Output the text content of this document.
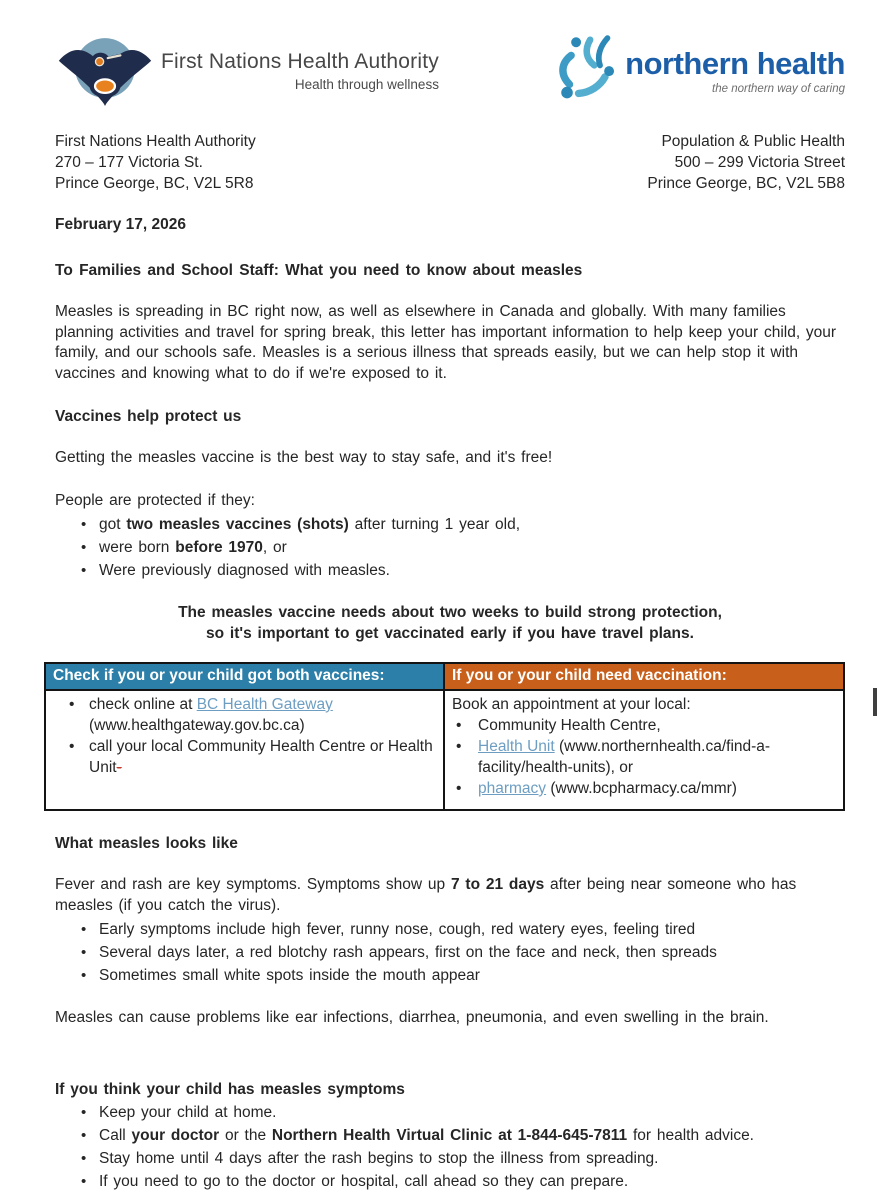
First Nations Health Authority
Health through wellness
northern health
the northern way of caring
First Nations Health Authority
270 – 177 Victoria St.
Prince George, BC, V2L 5R8
Population & Public Health
500 – 299 Victoria Street
Prince George, BC, V2L 5B8
February 17, 2026
To Families and School Staff: What you need to know about measles

Measles is spreading in BC right now, as well as elsewhere in Canada and globally. With many families planning activities and travel for spring break, this letter has important information to help keep your child, your family, and our schools safe. Measles is a serious illness that spreads easily, but we can help stop it with vaccines and knowing what to do if we're exposed to it.

Vaccines help protect us

Getting the measles vaccine is the best way to stay safe, and it's free!

People are protected if they:

• got two measles vaccines (shots) after turning 1 year old,
• were born before 1970, or
• Were previously diagnosed with measles.
The measles vaccine needs about two weeks to build strong protection,
so it's important to get vaccinated early if you have travel plans.
Check if you or your child got both vaccines:	If you or your child need vaccination:
• check online at BC Health Gateway (www.healthgateway.gov.bc.ca)
• call your local Community Health Centre or Health Unit-
Book an appointment at your local:
• Community Health Centre,
• Health Unit (www.northernhealth.ca/find-a-facility/health-units), or
• pharmacy (www.bcpharmacy.ca/mmr)
What measles looks like

Fever and rash are key symptoms. Symptoms show up 7 to 21 days after being near someone who has measles (if you catch the virus).

• Early symptoms include high fever, runny nose, cough, red watery eyes, feeling tired
• Several days later, a red blotchy rash appears, first on the face and neck, then spreads
• Sometimes small white spots inside the mouth appear

Measles can cause problems like ear infections, diarrhea, pneumonia, and even swelling in the brain.

If you think your child has measles symptoms
• Keep your child at home.
• Call your doctor or the Northern Health Virtual Clinic at 1-844-645-7811 for health advice.
• Stay home until 4 days after the rash begins to stop the illness from spreading.
• If you need to go to the doctor or hospital, call ahead so they can prepare.
